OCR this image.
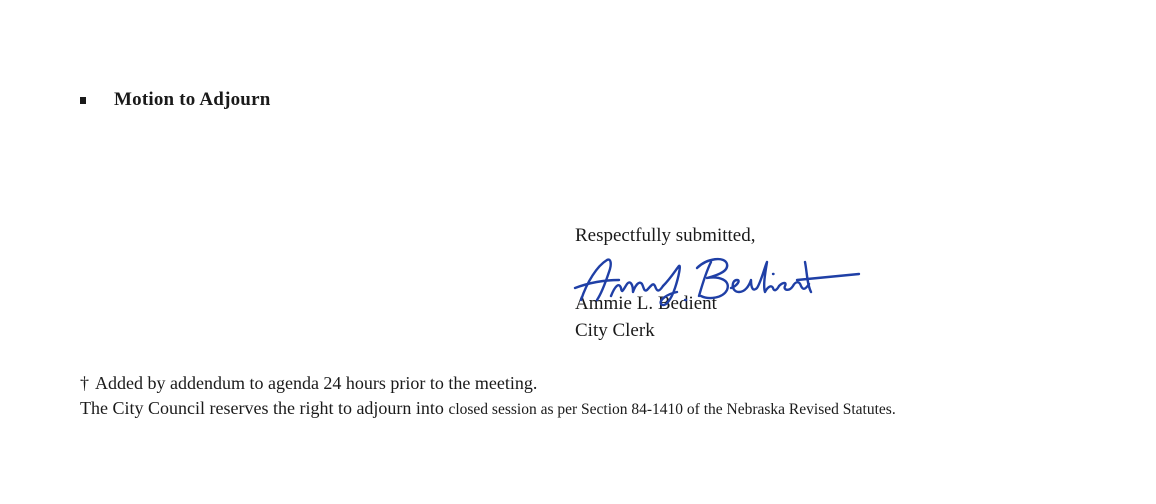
Motion to Adjourn
Respectfully submitted,
Ammie L. Bedient
City Clerk
† Added by addendum to agenda 24 hours prior to the meeting.
The City Council reserves the right to adjourn into closed session as per Section 84-1410 of the Nebraska Revised Statutes.
